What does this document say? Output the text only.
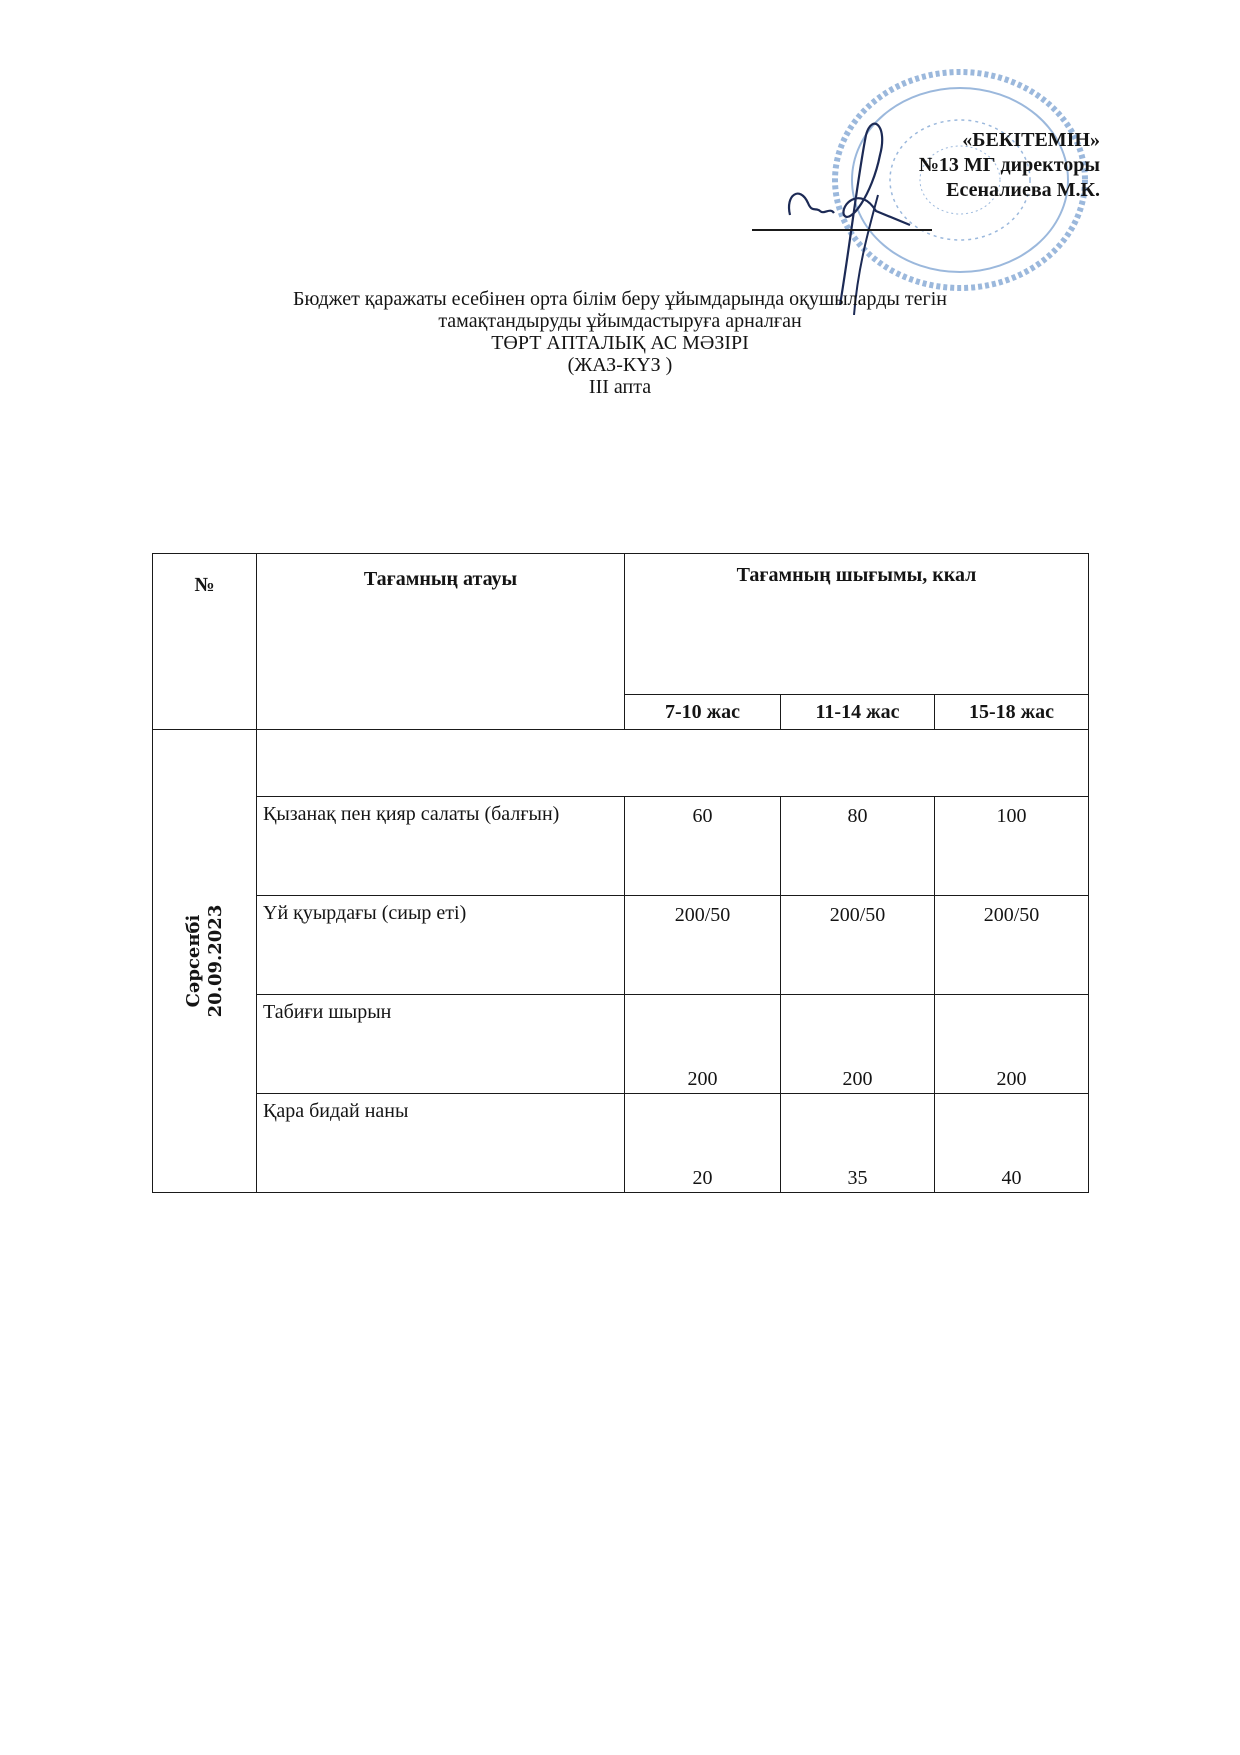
«БЕКІТЕМІН»
№13 МГ директоры
Есеналиева М.К.
Бюджет қаражаты есебінен орта білім беру ұйымдарында оқушыларды тегін
тамақтандыруды ұйымдастыруға арналған
ТӨРТ АПТАЛЫҚ АС МӘЗІРІ
(ЖАЗ-КҮЗ )
III апта
№	Тағамның атауы	Тағамның шығымы, ккал		
		7-10 жас	11-14 жас	15-18 жас

Сәрсенбі 20.09.2023				

	Қызанақ пен қияр салаты (балғын)	60	80	100
	Үй қуырдағы (сиыр еті)	200/50	200/50	200/50
	Табиғи шырын	200	200	200
	Қара бидай наны	20	35	40
